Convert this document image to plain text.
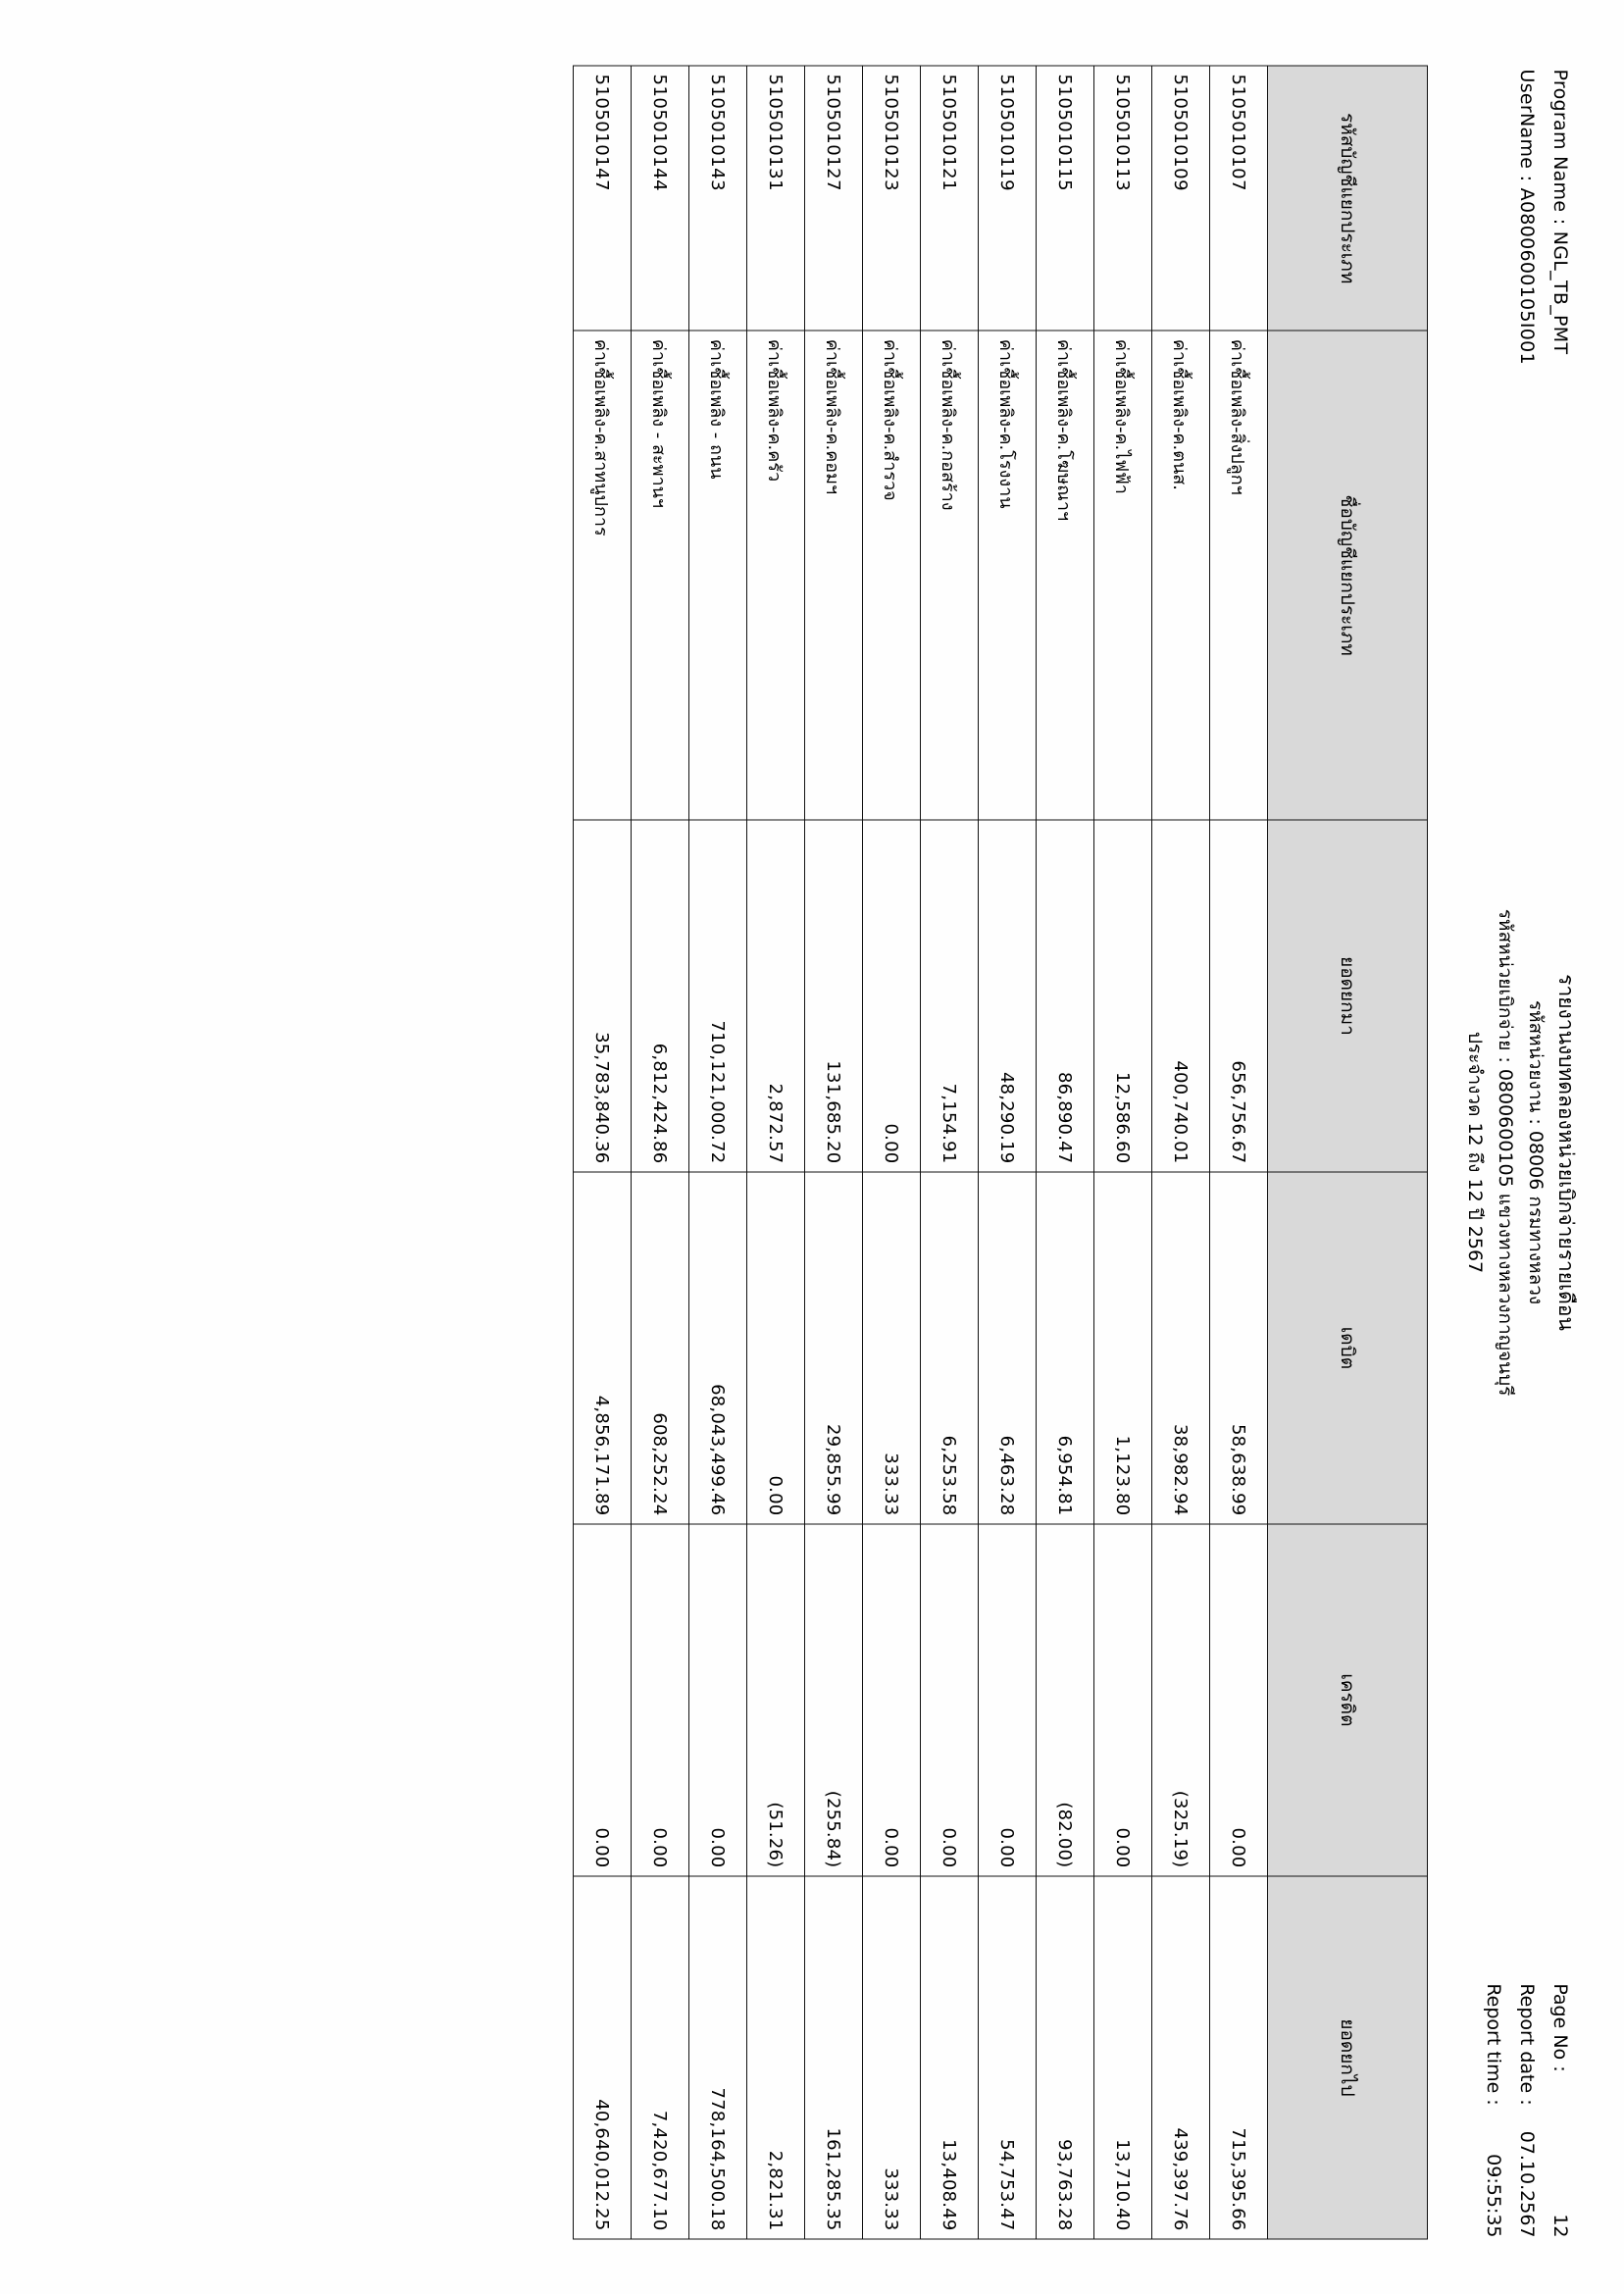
Program Name : NGL_TB_PMT
UserName : A0800600105I001
รายงานงบทดลองหน่วยเบิกจ่ายรายเดือน
รหัสหน่วยงาน : 08006 กรมทางหลวง
รหัสหน่วยเบิกจ่าย : 0800600105 แขวงทางหลวงกาญจนบุรี
ประจำงวด 12 ถึง 12 ปี 2567
Page No :	12
Report date :	07.10.2567
Report time :	09:55:35
รหัสบัญชีแยกประเภท	ชื่อบัญชีแยกประเภท	ยอดยกมา	เดบิต	เครดิต	ยอดยกไป
5105010107	ค่าเชื้อเพลิง-สิ่งปลูกฯ	656,756.67	58,638.99	0.00	715,395.66
5105010109	ค่าเชื้อเพลิง-ค.ตนส.	400,740.01	38,982.94	(325.19)	439,397.76
5105010113	ค่าเชื้อเพลิง-ค.ไฟฟ้า	12,586.60	1,123.80	0.00	13,710.40
5105010115	ค่าเชื้อเพลิง-ค.โฆษณาฯ	86,890.47	6,954.81	(82.00)	93,763.28
5105010119	ค่าเชื้อเพลิง-ค.โรงงาน	48,290.19	6,463.28	0.00	54,753.47
5105010121	ค่าเชื้อเพลิง-ค.กอสร้าง	7,154.91	6,253.58	0.00	13,408.49
5105010123	ค่าเชื้อเพลิง-ค.สำรวจ	0.00	333.33	0.00	333.33
5105010127	ค่าเชื้อเพลิง-ค.คอมฯ	131,685.20	29,855.99	(255.84)	161,285.35
5105010131	ค่าเชื้อเพลิง-ค.ครัว	2,872.57	0.00	(51.26)	2,821.31
5105010143	ค่าเชื้อเพลิง - ถนน	710,121,000.72	68,043,499.46	0.00	778,164,500.18
5105010144	ค่าเชื้อเพลิง - สะพานฯ	6,812,424.86	608,252.24	0.00	7,420,677.10
5105010147	ค่าเชื้อเพลิง-ค.สาทนูปการ	35,783,840.36	4,856,171.89	0.00	40,640,012.25
